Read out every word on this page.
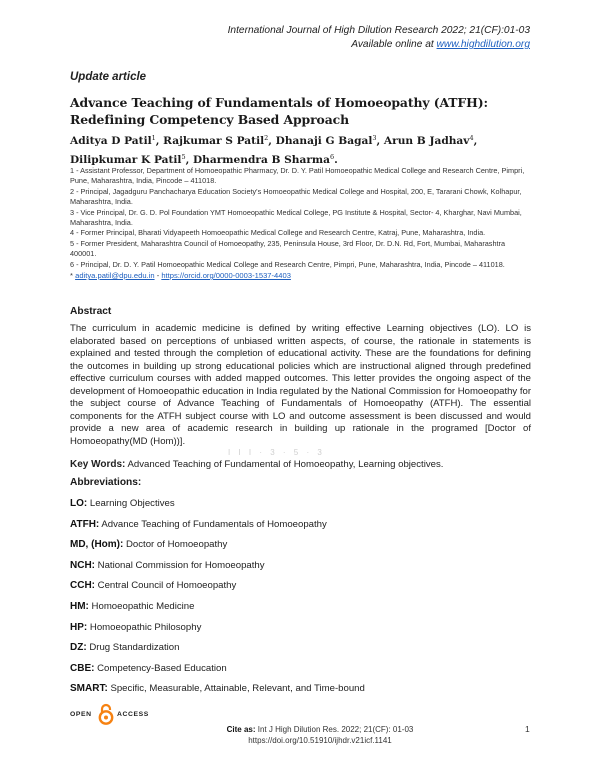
International Journal of High Dilution Research 2022; 21(CF):01-03
Available online at www.highdilution.org
Update article
Advance Teaching of Fundamentals of Homoeopathy (ATFH): Redefining Competency Based Approach
Aditya D Patil$^1$, Rajkumar S Patil$^2$, Dhanaji G Bagal$^3$, Arun B Jadhav$^4$, Dilipkumar K Patil$^5$, Dharmendra B Sharma$^6$.

1 - Assistant Professor, Department of Homoeopathic Pharmacy, Dr. D. Y. Patil Homoeopathic Medical College and Research Centre, Pimpri, Pune, Maharashtra, India, Pincode – 411018.

2 - Principal, Jagadguru Panchacharya Education Society's Homoeopathic Medical College and Hospital, 200, E, Tararani Chowk, Kolhapur, Maharashtra, India.

3 - Vice Principal, Dr. G. D. Pol Foundation YMT Homoeopathic Medical College, PG Institute & Hospital, Sector- 4, Kharghar, Navi Mumbai, Maharashtra, India.

4 - Former Principal, Bharati Vidyapeeth Homoeopathic Medical College and Research Centre, Katraj, Pune, Maharashtra, India.

5 - Former President, Maharashtra Council of Homoeopathy, 235, Peninsula House, 3rd Floor, Dr. D.N. Rd, Fort, Mumbai, Maharashtra 400001.

6 - Principal, Dr. D. Y. Patil Homoeopathic Medical College and Research Centre, Pimpri, Pune, Maharashtra, India, Pincode – 411018.

* aditya.patil@dpu.edu.in - https://orcid.org/0000-0003-1537-4403

Abstract
The curriculum in academic medicine is defined by writing effective Learning objectives (LO). LO is elaborated based on perceptions of unbiased written aspects, of course, the rationale in statements is explained and tested through the completion of educational activity. These are the foundations for defining the outcomes in building up strong educational policies which are instructional aligned through predefined effective curriculum courses with added mapped outcomes. This letter provides the ongoing aspect of the development of Homoeopathic education in India regulated by the National Commission for Homoeopathy for the subject course of Advance Teaching of Fundamentals of Homoeopathy (ATFH). The essential components for the ATFH subject course with LO and outcome assessment is been discussed and would provide a new area of academic research in building up rationale in the programed [Doctor of Homoeopathy(MD (Hom))].
I I I · 3 · 5 · 3
Key Words: Advanced Teaching of Fundamental of Homoeopathy, Learning objectives.
Abbreviations:
LO: Learning Objectives
ATFH: Advance Teaching of Fundamentals of Homoeopathy
MD, (Hom): Doctor of Homoeopathy
NCH: National Commission for Homoeopathy
CCH: Central Council of Homoeopathy
HM: Homoeopathic Medicine
HP: Homoeopathic Philosophy
DZ: Drug Standardization
CBE: Competency-Based Education
SMART: Specific, Measurable, Attainable, Relevant, and Time-bound
OPEN	ACCESS
Cite as: Int J High Dilution Res. 2022; 21(CF): 01-03
https://doi.org/10.51910/ijhdr.v21icf.1141
1
